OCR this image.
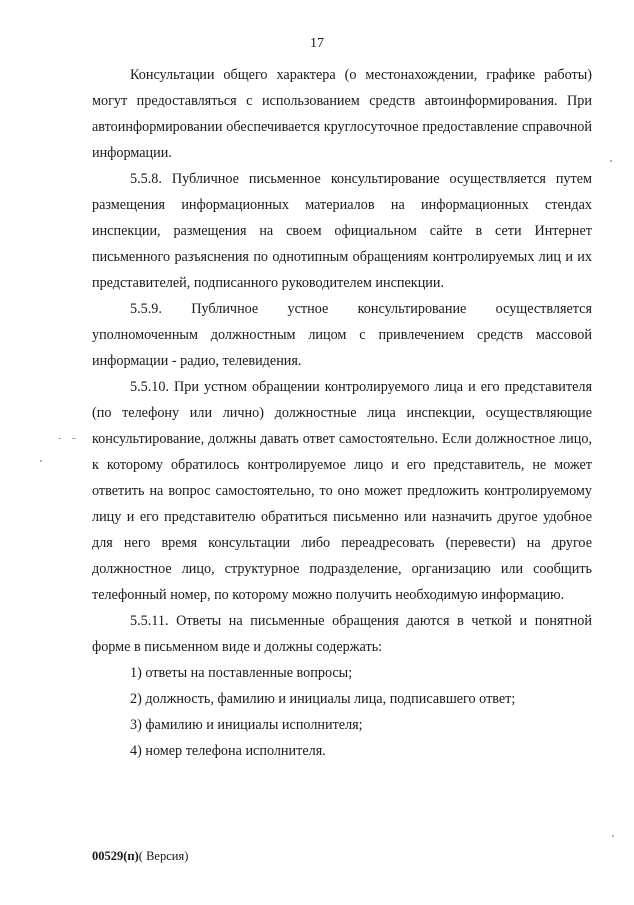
17

Консультации общего характера (о местонахождении, графике работы) могут предоставляться с использованием средств автоинформирования. При автоинформировании обеспечивается круглосуточное предоставление справочной информации.

5.5.8. Публичное письменное консультирование осуществляется путем размещения информационных материалов на информационных стендах инспекции, размещения на своем официальном сайте в сети Интернет письменного разъяснения по однотипным обращениям контролируемых лиц и их представителей, подписанного руководителем инспекции.

5.5.9. Публичное устное консультирование осуществляется уполномоченным должностным лицом с привлечением средств массовой информации - радио, телевидения.

5.5.10. При устном обращении контролируемого лица и его представителя (по телефону или лично) должностные лица инспекции, осуществляющие консультирование, должны давать ответ самостоятельно. Если должностное лицо, к которому обратилось контролируемое лицо и его представитель, не может ответить на вопрос самостоятельно, то оно может предложить контролируемому лицу и его представителю обратиться письменно или назначить другое удобное для него время консультации либо переадресовать (перевести) на другое должностное лицо, структурное подразделение, организацию или сообщить телефонный номер, по которому можно получить необходимую информацию.

5.5.11. Ответы на письменные обращения даются в четкой и понятной форме в письменном виде и должны содержать:

1) ответы на поставленные вопросы;

2) должность, фамилию и инициалы лица, подписавшего ответ;

3) фамилию и инициалы исполнителя;

4) номер телефона исполнителя.

00529(п)( Версия)
